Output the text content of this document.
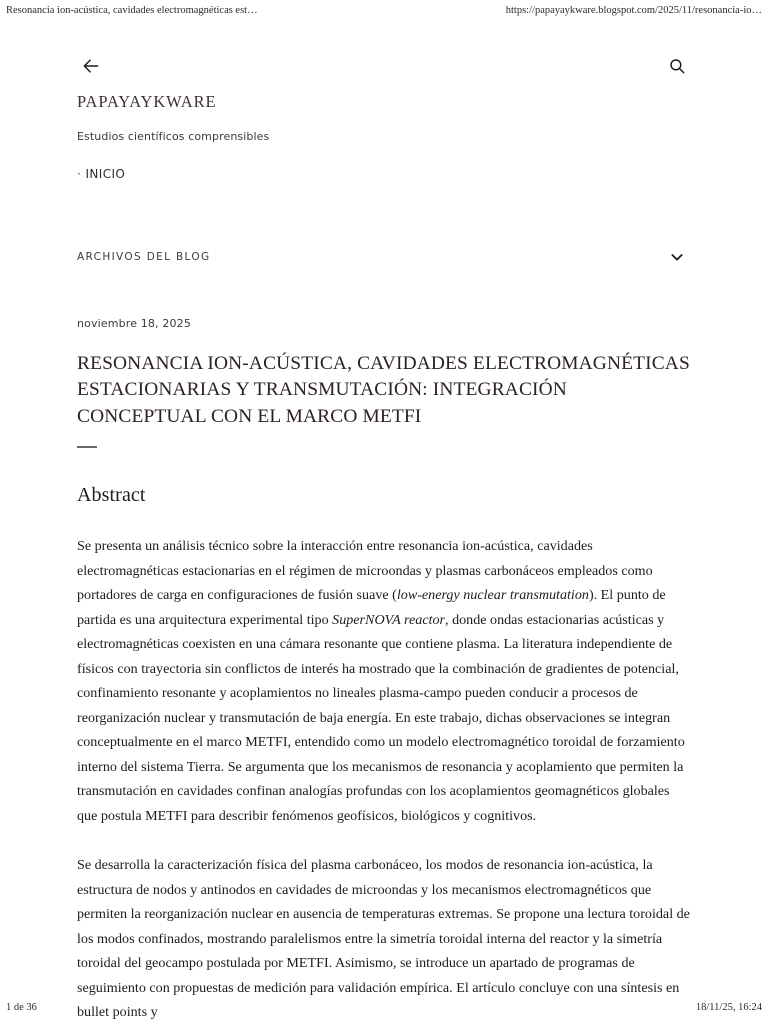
Resonancia ion-acústica, cavidades electromagnéticas est…	https://papayaykware.blogspot.com/2025/11/resonancia-io…
PAPAYAYKWARE
Estudios científicos comprensibles
· INICIO
ARCHIVOS DEL BLOG
noviembre 18, 2025
RESONANCIA ION-ACÚSTICA, CAVIDADES ELECTROMAGNÉTICAS ESTACIONARIAS Y TRANSMUTACIÓN: INTEGRACIÓN CONCEPTUAL CON EL MARCO METFI
Abstract

Se presenta un análisis técnico sobre la interacción entre resonancia ion-acústica, cavidades electromagnéticas estacionarias en el régimen de microondas y plasmas carbonáceos empleados como portadores de carga en configuraciones de fusión suave (low-energy nuclear transmutation). El punto de partida es una arquitectura experimental tipo SuperNOVA reactor, donde ondas estacionarias acústicas y electromagnéticas coexisten en una cámara resonante que contiene plasma. La literatura independiente de físicos con trayectoria sin conflictos de interés ha mostrado que la combinación de gradientes de potencial, confinamiento resonante y acoplamientos no lineales plasma-campo pueden conducir a procesos de reorganización nuclear y transmutación de baja energía. En este trabajo, dichas observaciones se integran conceptualmente en el marco METFI, entendido como un modelo electromagnético toroidal de forzamiento interno del sistema Tierra. Se argumenta que los mecanismos de resonancia y acoplamiento que permiten la transmutación en cavidades confinan analogías profundas con los acoplamientos geomagnéticos globales que postula METFI para describir fenómenos geofísicos, biológicos y cognitivos.

Se desarrolla la caracterización física del plasma carbonáceo, los modos de resonancia ion-acústica, la estructura de nodos y antinodos en cavidades de microondas y los mecanismos electromagnéticos que permiten la reorganización nuclear en ausencia de temperaturas extremas. Se propone una lectura toroidal de los modos confinados, mostrando paralelismos entre la simetría toroidal interna del reactor y la simetría toroidal del geocampo postulada por METFI. Asimismo, se introduce un apartado de programas de seguimiento con propuestas de medición para validación empírica. El artículo concluye con una síntesis en bullet points y

1 de 36	18/11/25, 16:24
